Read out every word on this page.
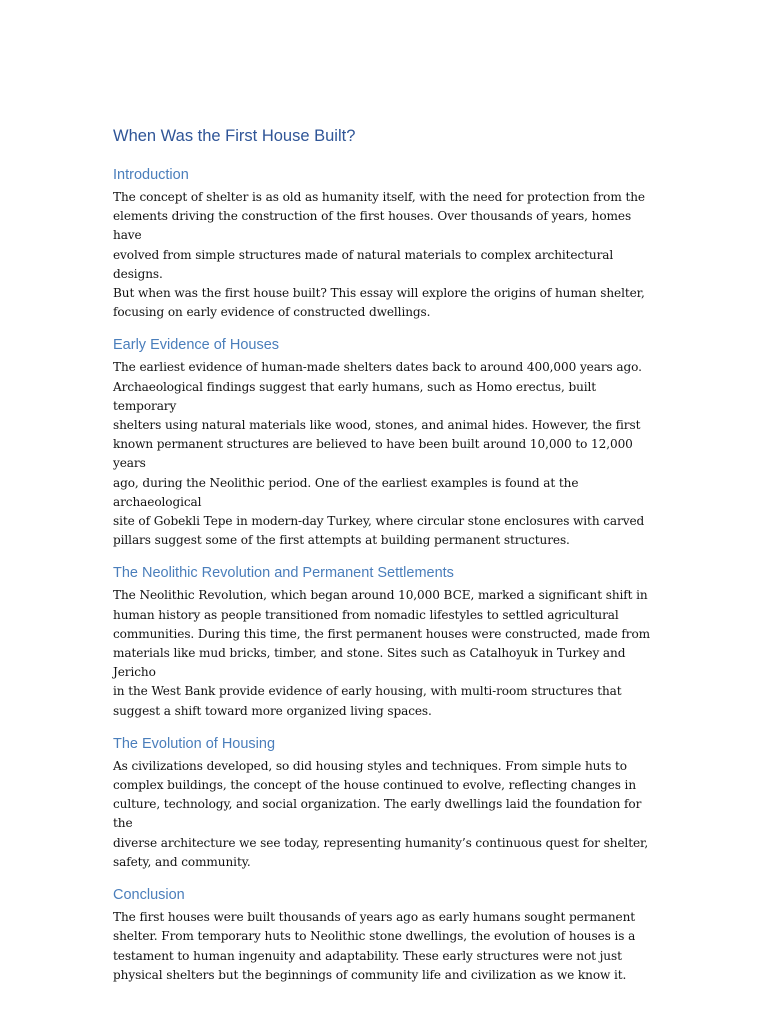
When Was the First House Built?
Introduction

The concept of shelter is as old as humanity itself, with the need for protection from the
elements driving the construction of the first houses. Over thousands of years, homes have
evolved from simple structures made of natural materials to complex architectural designs.
But when was the first house built? This essay will explore the origins of human shelter,
focusing on early evidence of constructed dwellings.

Early Evidence of Houses

The earliest evidence of human-made shelters dates back to around 400,000 years ago.
Archaeological findings suggest that early humans, such as Homo erectus, built temporary
shelters using natural materials like wood, stones, and animal hides. However, the first
known permanent structures are believed to have been built around 10,000 to 12,000 years
ago, during the Neolithic period. One of the earliest examples is found at the archaeological
site of Gobekli Tepe in modern-day Turkey, where circular stone enclosures with carved
pillars suggest some of the first attempts at building permanent structures.

The Neolithic Revolution and Permanent Settlements

The Neolithic Revolution, which began around 10,000 BCE, marked a significant shift in
human history as people transitioned from nomadic lifestyles to settled agricultural
communities. During this time, the first permanent houses were constructed, made from
materials like mud bricks, timber, and stone. Sites such as Catalhoyuk in Turkey and Jericho
in the West Bank provide evidence of early housing, with multi-room structures that
suggest a shift toward more organized living spaces.

The Evolution of Housing

As civilizations developed, so did housing styles and techniques. From simple huts to
complex buildings, the concept of the house continued to evolve, reflecting changes in
culture, technology, and social organization. The early dwellings laid the foundation for the
diverse architecture we see today, representing humanity’s continuous quest for shelter,
safety, and community.

Conclusion

The first houses were built thousands of years ago as early humans sought permanent
shelter. From temporary huts to Neolithic stone dwellings, the evolution of houses is a
testament to human ingenuity and adaptability. These early structures were not just
physical shelters but the beginnings of community life and civilization as we know it.
